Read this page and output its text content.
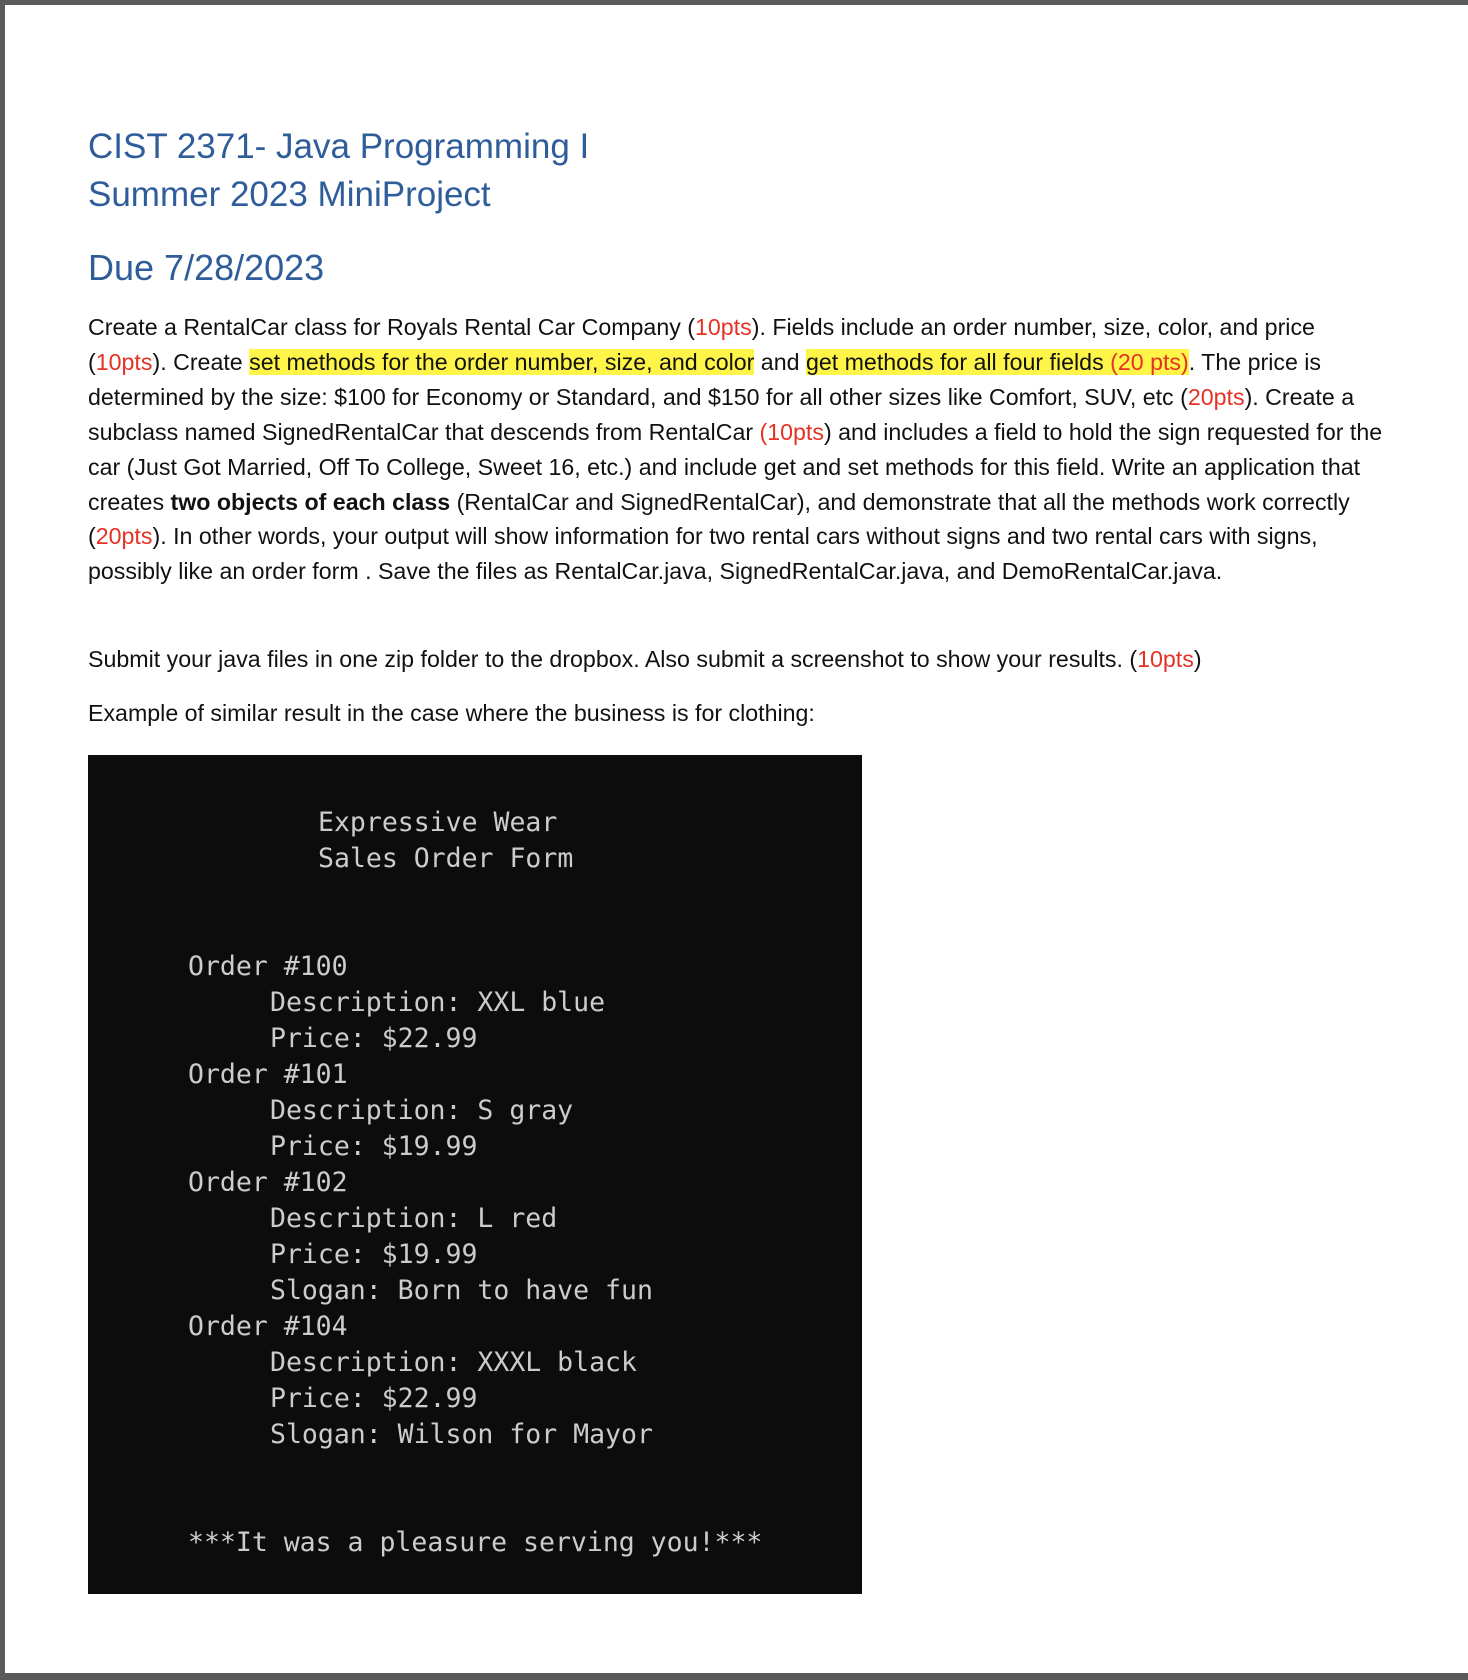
CIST 2371- Java Programming I
Summer 2023 MiniProject
Due 7/28/2023

Create a RentalCar class for Royals Rental Car Company (10pts). Fields include an order number, size, color, and price (10pts). Create set methods for the order number, size, and color and get methods for all four fields (20 pts). The price is determined by the size: $100 for Economy or Standard, and $150 for all other sizes like Comfort, SUV, etc (20pts). Create a subclass named SignedRentalCar that descends from RentalCar (10pts) and includes a field to hold the sign requested for the car (Just Got Married, Off To College, Sweet 16, etc.) and include get and set methods for this field. Write an application that creates two objects of each class (RentalCar and SignedRentalCar), and demonstrate that all the methods work correctly (20pts). In other words, your output will show information for two rental cars without signs and two rental cars with signs, possibly like an order form . Save the files as RentalCar.java, SignedRentalCar.java, and DemoRentalCar.java.

Submit your java files in one zip folder to the dropbox. Also submit a screenshot to show your results. (10pts)

Example of similar result in the case where the business is for clothing:

Expressive Wear

Sales Order Form

Order #100

Description: XXL blue

Price: $22.99

Order #101

Description: S gray

Price: $19.99

Order #102

Description: L red

Price: $19.99

Slogan: Born to have fun

Order #104

Description: XXXL black

Price: $22.99

Slogan: Wilson for Mayor

***It was a pleasure serving you!***
